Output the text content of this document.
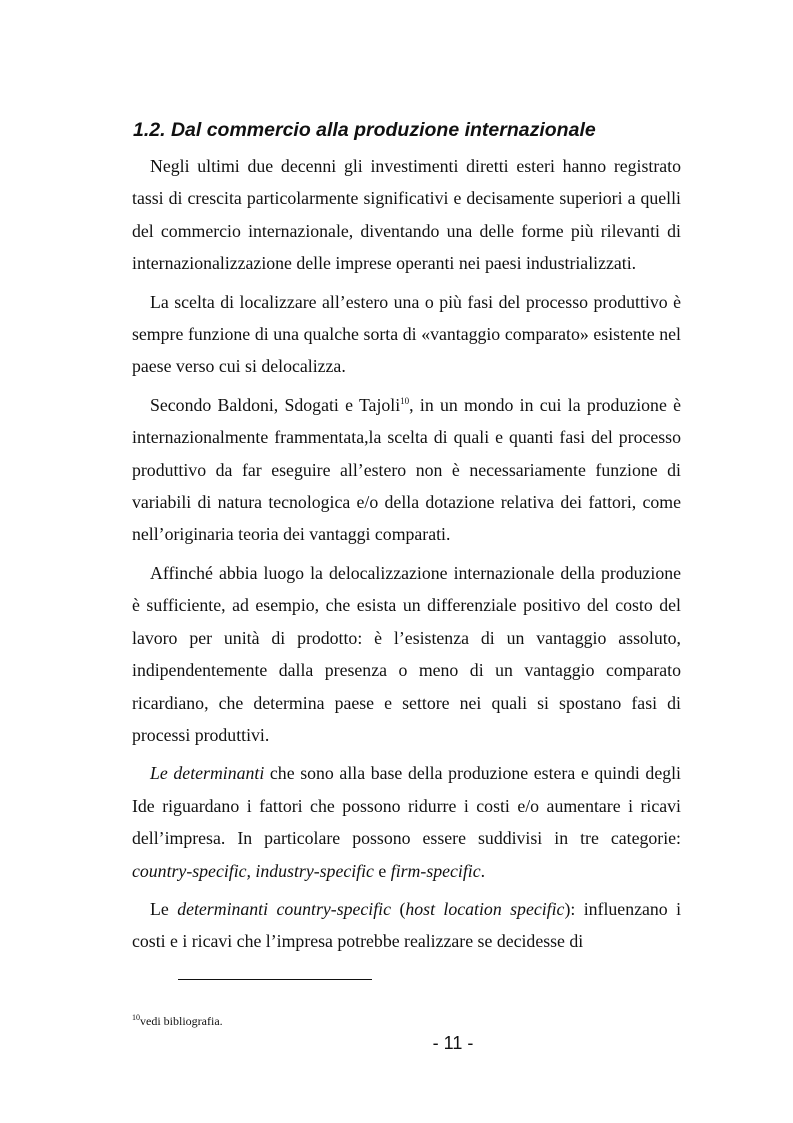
1.2. Dal commercio alla produzione internazionale

Negli ultimi due decenni gli investimenti diretti esteri hanno registrato tassi di crescita particolarmente significativi e decisamente superiori a quelli del commercio internazionale, diventando una delle forme più rilevanti di internazionalizzazione delle imprese operanti nei paesi industrializzati.

La scelta di localizzare all’estero una o più fasi del processo produttivo è sempre funzione di una qualche sorta di «vantaggio comparato» esistente nel paese verso cui si delocalizza.

Secondo Baldoni, Sdogati e Tajoli$^{10}$, in un mondo in cui la produzione è internazionalmente frammentata,la scelta di quali e quanti fasi del processo produttivo da far eseguire all’estero non è necessariamente funzione di variabili di natura tecnologica e/o della dotazione relativa dei fattori, come nell’originaria teoria dei vantaggi comparati.

Affinché abbia luogo la delocalizzazione internazionale della produzione è sufficiente, ad esempio, che esista un differenziale positivo del costo del lavoro per unità di prodotto: è l’esistenza di un vantaggio assoluto, indipendentemente dalla presenza o meno di un vantaggio comparato ricardiano, che determina paese e settore nei quali si spostano fasi di processi produttivi.

Le determinanti che sono alla base della produzione estera e quindi degli Ide riguardano i fattori che possono ridurre i costi e/o aumentare i ricavi dell’impresa. In particolare possono essere suddivisi in tre categorie: country-specific, industry-specific e firm-specific.

Le determinanti country-specific (host location specific): influenzano i costi e i ricavi che l’impresa potrebbe realizzare se decidesse di

$^{10}$vedi bibliografia.
- 11 -
